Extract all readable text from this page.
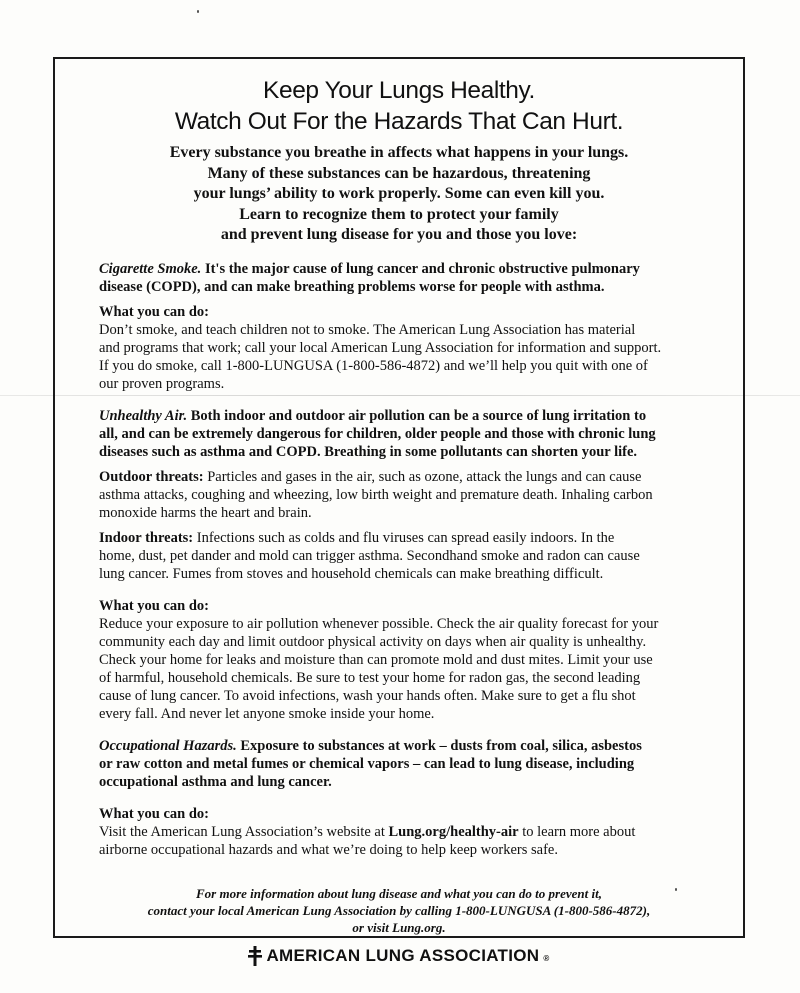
Keep Your Lungs Healthy.
Watch Out For the Hazards That Can Hurt.

Every substance you breathe in affects what happens in your lungs.
Many of these substances can be hazardous, threatening
your lungs’ ability to work properly. Some can even kill you.
Learn to recognize them to protect your family
and prevent lung disease for you and those you love:

Cigarette Smoke. It's the major cause of lung cancer and chronic obstructive pulmonary
disease (COPD), and can make breathing problems worse for people with asthma.

What you can do:

Don’t smoke, and teach children not to smoke. The American Lung Association has material
and programs that work; call your local American Lung Association for information and support.
If you do smoke, call 1-800-LUNGUSA (1-800-586-4872) and we’ll help you quit with one of
our proven programs.

Unhealthy Air. Both indoor and outdoor air pollution can be a source of lung irritation to
all, and can be extremely dangerous for children, older people and those with chronic lung
diseases such as asthma and COPD. Breathing in some pollutants can shorten your life.

Outdoor threats: Particles and gases in the air, such as ozone, attack the lungs and can cause
asthma attacks, coughing and wheezing, low birth weight and premature death. Inhaling carbon
monoxide harms the heart and brain.

Indoor threats: Infections such as colds and flu viruses can spread easily indoors. In the
home, dust, pet dander and mold can trigger asthma. Secondhand smoke and radon can cause
lung cancer. Fumes from stoves and household chemicals can make breathing difficult.

What you can do:

Reduce your exposure to air pollution whenever possible. Check the air quality forecast for your
community each day and limit outdoor physical activity on days when air quality is unhealthy.
Check your home for leaks and moisture than can promote mold and dust mites. Limit your use
of harmful, household chemicals. Be sure to test your home for radon gas, the second leading
cause of lung cancer. To avoid infections, wash your hands often. Make sure to get a flu shot
every fall. And never let anyone smoke inside your home.

Occupational Hazards. Exposure to substances at work – dusts from coal, silica, asbestos
or raw cotton and metal fumes or chemical vapors – can lead to lung disease, including
occupational asthma and lung cancer.

What you can do:

Visit the American Lung Association’s website at Lung.org/healthy-air to learn more about
airborne occupational hazards and what we’re doing to help keep workers safe.

For more information about lung disease and what you can do to prevent it,
contact your local American Lung Association by calling 1-800-LUNGUSA (1-800-586-4872),
or visit Lung.org.

AMERICAN LUNG ASSOCIATION ®
